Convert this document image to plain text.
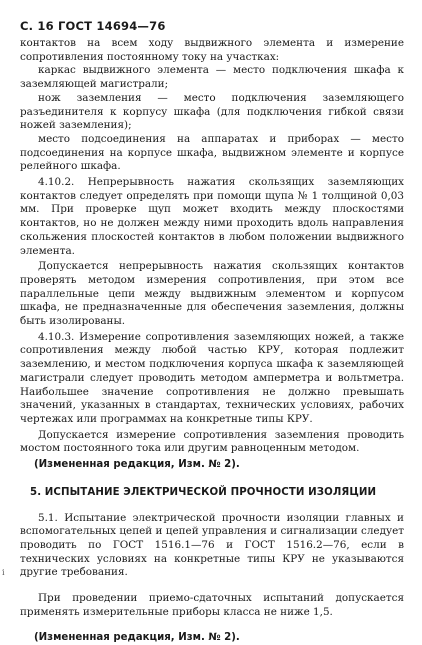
С. 16 ГОСТ 14694—76

контактов на всем ходу выдвижного элемента и измерение сопротивления постоянному току на участках:

каркас выдвижного элемента — место подключения шкафа к заземляющей магистрали;

нож заземления — место подключения заземляющего разъединителя к корпусу шкафа (для подключения гибкой связи ножей заземления);

место подсоединения на аппаратах и приборах — место подсоединения на корпусе шкафа, выдвижном элементе и корпусе релейного шкафа.

4.10.2. Непрерывность нажатия скользящих заземляющих контактов следует определять при помощи щупа № 1 толщиной 0,03 мм. При проверке щуп может входить между плоскостями контактов, но не должен между ними проходить вдоль направления скольжения плоскостей контактов в любом положении выдвижного элемента.

Допускается непрерывность нажатия скользящих контактов проверять методом измерения сопротивления, при этом все параллельные цепи между выдвижным элементом и корпусом шкафа, не предназначенные для обеспечения заземления, должны быть изолированы.

4.10.3. Измерение сопротивления заземляющих ножей, а также сопротивления между любой частью КРУ, которая подлежит заземлению, и местом подключения корпуса шкафа к заземляющей магистрали следует проводить методом амперметра и вольтметра. Наибольшее значение сопротивления не должно превышать значений, указанных в стандартах, технических условиях, рабочих чертежах или программах на конкретные типы КРУ.

Допускается измерение сопротивления заземления проводить мостом постоянного тока или другим равноценным методом.

(Измененная редакция, Изм. № 2).

5. ИСПЫТАНИЕ ЭЛЕКТРИЧЕСКОЙ ПРОЧНОСТИ ИЗОЛЯЦИИ

5.1. Испытание электрической прочности изоляции главных и вспомогательных цепей и цепей управления и сигнализации следует проводить по ГОСТ 1516.1—76 и ГОСТ 1516.2—76, если в технических условиях на конкретные типы КРУ не указываются другие требования.

При проведении приемо-сдаточных испытаний допускается применять измерительные приборы класса не ниже 1,5.

(Измененная редакция, Изм. № 2).

ⅰ
